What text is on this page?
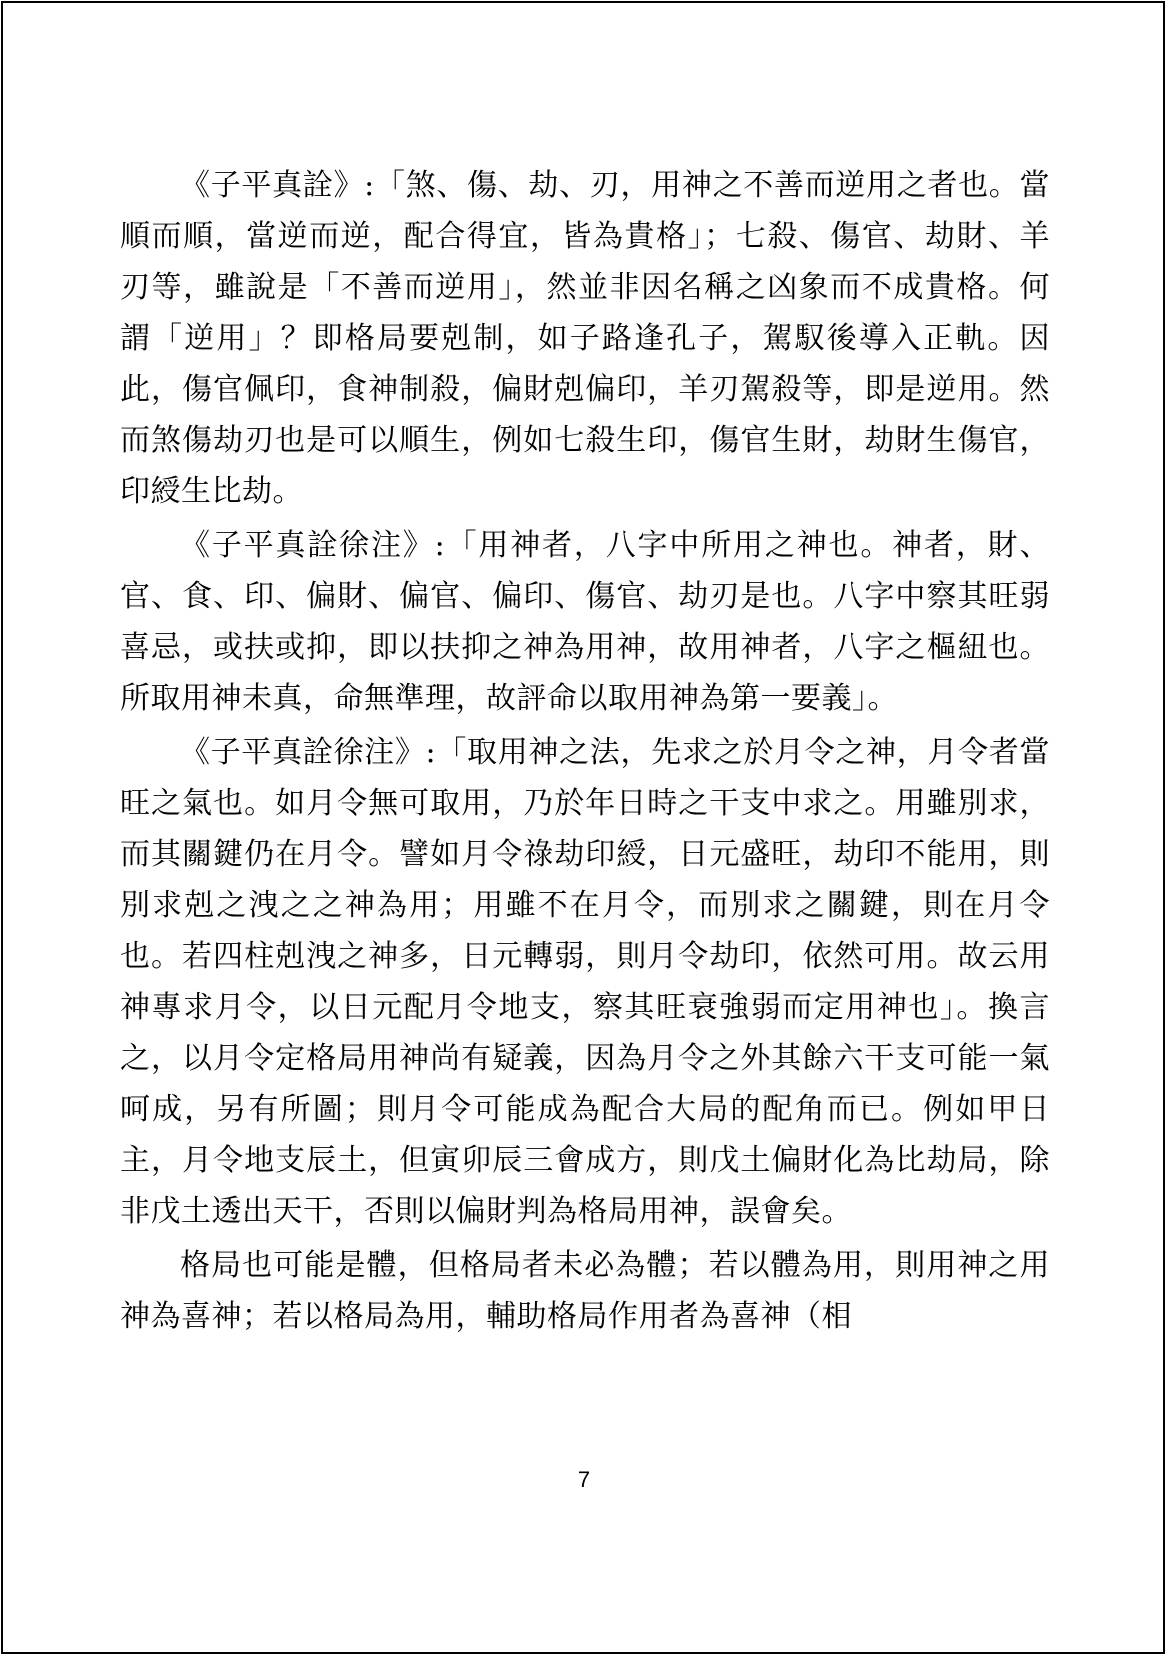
《子平真詮》:「煞、傷、劫、刃，用神之不善而逆用之者也。當順而順，當逆而逆，配合得宜，皆為貴格」；七殺、傷官、劫財、羊刃等，雖說是「不善而逆用」，然並非因名稱之凶象而不成貴格。何謂「逆用」？即格局要剋制，如子路逢孔子，駕馭後導入正軌。因此，傷官佩印，食神制殺，偏財剋偏印，羊刃駕殺等，即是逆用。然而煞傷劫刃也是可以順生，例如七殺生印，傷官生財，劫財生傷官，印綬生比劫。

《子平真詮徐注》:「用神者，八字中所用之神也。神者，財、官、食、印、偏財、偏官、偏印、傷官、劫刃是也。八字中察其旺弱喜忌，或扶或抑，即以扶抑之神為用神，故用神者，八字之樞紐也。所取用神未真，命無準理，故評命以取用神為第一要義」。

《子平真詮徐注》:「取用神之法，先求之於月令之神，月令者當旺之氣也。如月令無可取用，乃於年日時之干支中求之。用雖別求，而其關鍵仍在月令。譬如月令祿劫印綬，日元盛旺，劫印不能用，則別求剋之洩之之神為用；用雖不在月令，而別求之關鍵，則在月令也。若四柱剋洩之神多，日元轉弱，則月令劫印，依然可用。故云用神專求月令，以日元配月令地支，察其旺衰強弱而定用神也」。換言之，以月令定格局用神尚有疑義，因為月令之外其餘六干支可能一氣呵成，另有所圖；則月令可能成為配合大局的配角而已。例如甲日主，月令地支辰土，但寅卯辰三會成方，則戊土偏財化為比劫局，除非戊土透出天干，否則以偏財判為格局用神，誤會矣。

格局也可能是體，但格局者未必為體；若以體為用，則用神之用神為喜神；若以格局為用，輔助格局作用者為喜神（相

7
